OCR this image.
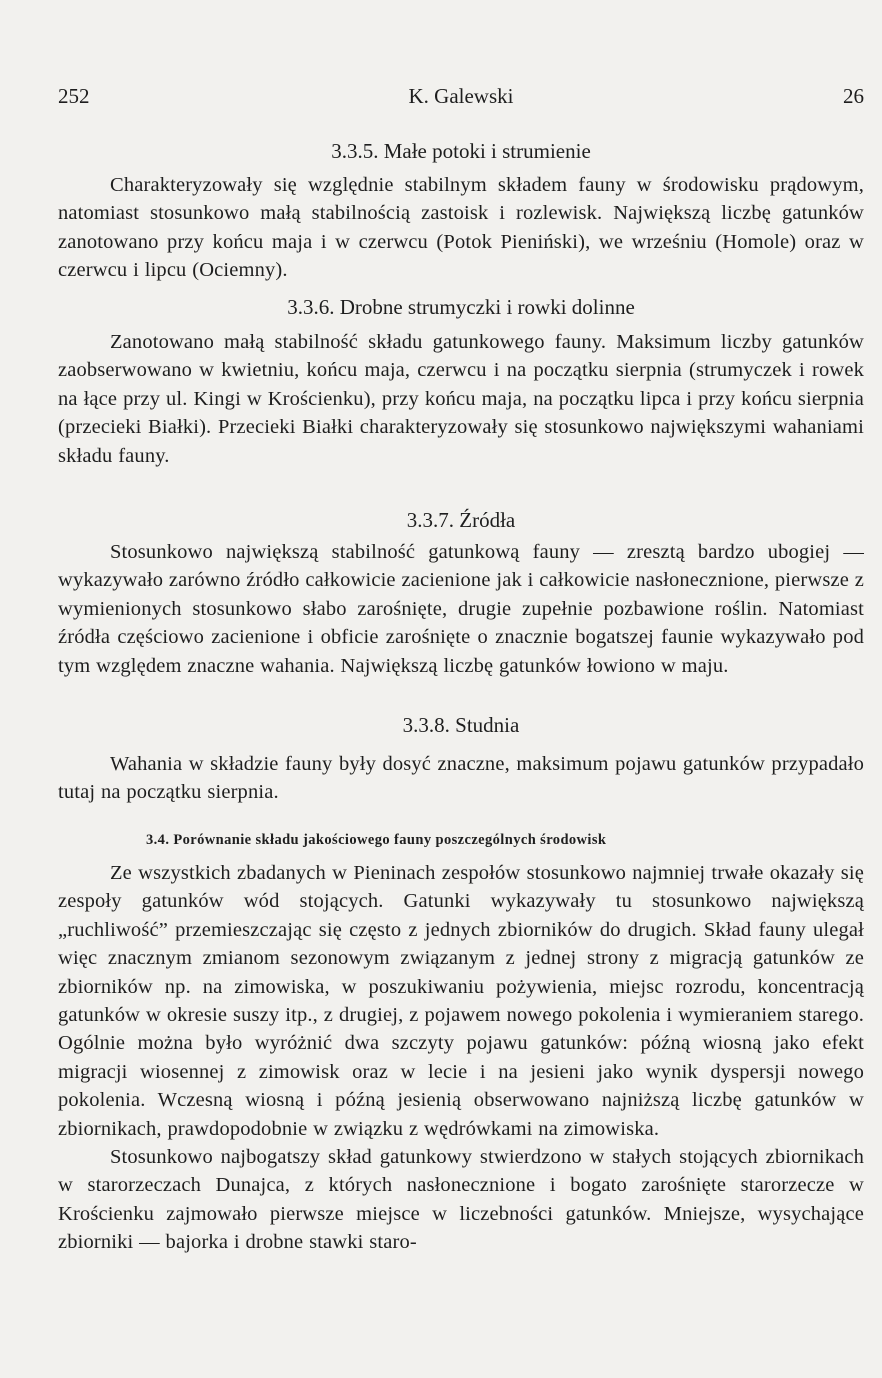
252	K. Galewski	26
3.3.5. Małe potoki i strumienie

Charakteryzowały się względnie stabilnym składem fauny w środowisku prądowym, natomiast stosunkowo małą stabilnością zastoisk i rozlewisk. Największą liczbę gatunków zanotowano przy końcu maja i w czerwcu (Potok Pieniński), we wrześniu (Homole) oraz w czerwcu i lipcu (Ociemny).

3.3.6. Drobne strumyczki i rowki dolinne

Zanotowano małą stabilność składu gatunkowego fauny. Maksimum liczby gatunków zaobserwowano w kwietniu, końcu maja, czerwcu i na początku sierpnia (strumyczek i rowek na łące przy ul. Kingi w Krościenku), przy końcu maja, na początku lipca i przy końcu sierpnia (przecieki Białki). Przecieki Białki charakteryzowały się stosunkowo największymi wahaniami składu fauny.

3.3.7. Źródła

Stosunkowo największą stabilność gatunkową fauny — zresztą bardzo ubogiej — wykazywało zarówno źródło całkowicie zacienione jak i całkowicie nasłonecznione, pierwsze z wymienionych stosunkowo słabo zarośnięte, drugie zupełnie pozbawione roślin. Natomiast źródła częściowo zacienione i obficie zarośnięte o znacznie bogatszej faunie wykazywało pod tym względem znaczne wahania. Największą liczbę gatunków łowiono w maju.

3.3.8. Studnia

Wahania w składzie fauny były dosyć znaczne, maksimum pojawu gatunków przypadało tutaj na początku sierpnia.

3.4. Porównanie składu jakościowego fauny poszczególnych środowisk

Ze wszystkich zbadanych w Pieninach zespołów stosunkowo najmniej trwałe okazały się zespoły gatunków wód stojących. Gatunki wykazywały tu stosunkowo największą „ruchliwość” przemieszczając się często z jednych zbiorników do drugich. Skład fauny ulegał więc znacznym zmianom sezonowym związanym z jednej strony z migracją gatunków ze zbiorników np. na zimowiska, w poszukiwaniu pożywienia, miejsc rozrodu, koncentracją gatunków w okresie suszy itp., z drugiej, z pojawem nowego pokolenia i wymieraniem starego. Ogólnie można było wyróżnić dwa szczyty pojawu gatunków: późną wiosną jako efekt migracji wiosennej z zimowisk oraz w lecie i na jesieni jako wynik dyspersji nowego pokolenia. Wczesną wiosną i późną jesienią obserwowano najniższą liczbę gatunków w zbiornikach, prawdopodobnie w związku z wędrówkami na zimowiska.

Stosunkowo najbogatszy skład gatunkowy stwierdzono w stałych stojących zbiornikach w starorzeczach Dunajca, z których nasłonecznione i bogato zarośnięte starorzecze w Krościenku zajmowało pierwsze miejsce w liczebności gatunków. Mniejsze, wysychające zbiorniki — bajorka i drobne stawki staro-
